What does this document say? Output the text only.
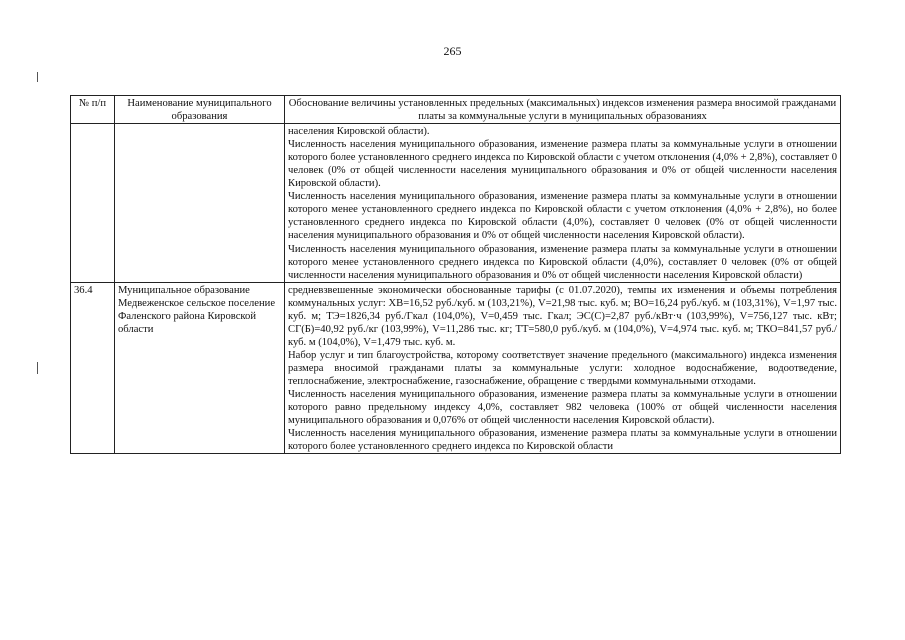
265
№ п/п	Наименование муниципального образования	Обоснование величины установленных предельных (максимальных) индексов изменения размера вносимой гражданами платы за коммунальные услуги в муниципальных образованиях

		населения Кировской области).

Численность населения муниципального образования, изменение размера платы за коммунальные услуги в отношении которого более установленного среднего индекса по Кировской области с учетом отклонения (4,0% + 2,8%), составляет 0 человек (0% от общей численности населения муниципального образования и 0% от общей численности населения Кировской области).

Численность населения муниципального образования, изменение размера платы за коммунальные услуги в отношении которого менее установленного среднего индекса по Кировской области с учетом отклонения (4,0% + 2,8%), но более установленного среднего индекса по Кировской области (4,0%), составляет 0 человек (0% от общей численности населения муниципального образования и 0% от общей численности населения Кировской области).

Численность населения муниципального образования, изменение размера платы за коммунальные услуги в отношении которого менее установленного среднего индекса по Кировской области (4,0%), составляет 0 человек (0% от общей численности населения муниципального образования и 0% от общей численности населения Кировской области)

36.4	Муниципальное образование Медвеженское сельское поселение Фаленского района Кировской области	средневзвешенные экономически обоснованные тарифы (с 01.07.2020), темпы их изменения и объемы потребления коммунальных услуг: ХВ=16,52 руб./куб. м (103,21%), V=21,98 тыс. куб. м; ВО=16,24 руб./куб. м (103,31%), V=1,97 тыс. куб. м; ТЭ=1826,34 руб./Гкал (104,0%), V=0,459 тыс. Гкал; ЭС(С)=2,87 руб./кВт·ч (103,99%), V=756,127 тыс. кВт; СГ(Б)=40,92 руб./кг (103,99%), V=11,286 тыс. кг; ТТ=580,0 руб./куб. м (104,0%), V=4,974 тыс. куб. м; ТКО=841,57 руб./куб. м (104,0%), V=1,479 тыс. куб. м.

Набор услуг и тип благоустройства, которому соответствует значение предельного (максимального) индекса изменения размера вносимой гражданами платы за коммунальные услуги: холодное водоснабжение, водоотведение, теплоснабжение, электроснабжение, газоснабжение, обращение с твердыми коммунальными отходами.

Численность населения муниципального образования, изменение размера платы за коммунальные услуги в отношении которого равно предельному индексу 4,0%, составляет 982 человека (100% от общей численности населения муниципального образования и 0,076% от общей численности населения Кировской области).

Численность населения муниципального образования, изменение размера платы за коммунальные услуги в отношении которого более установленного среднего индекса по Кировской области
